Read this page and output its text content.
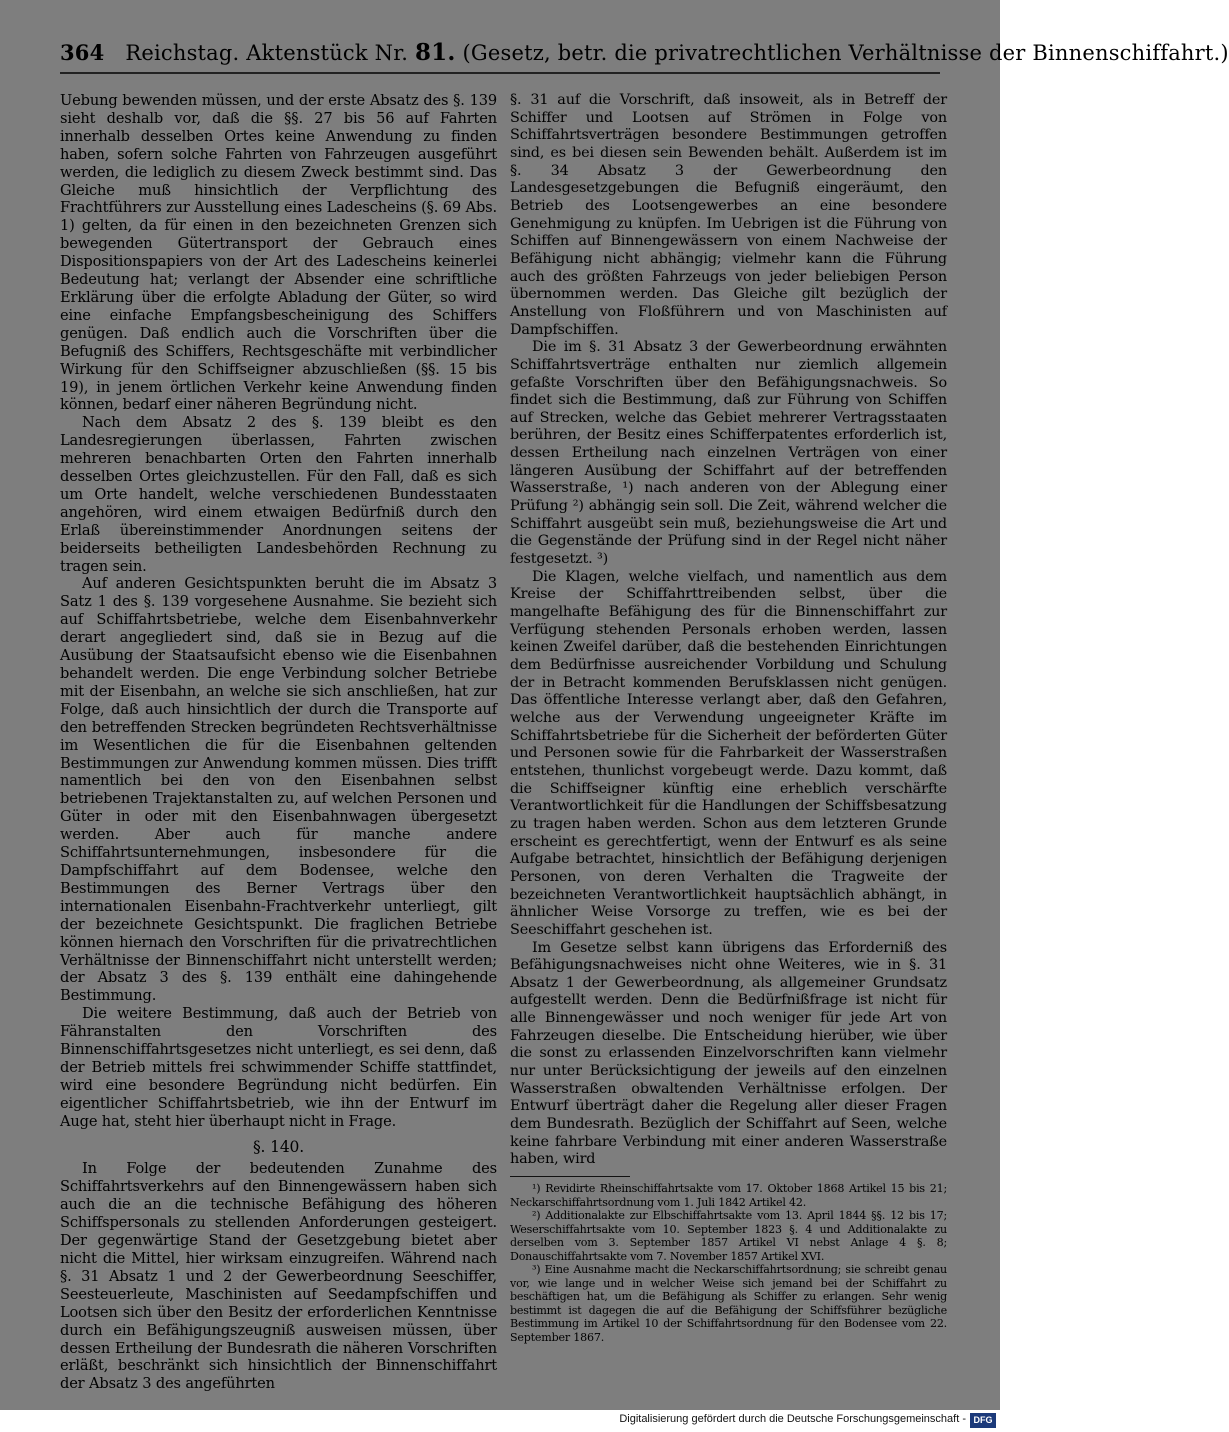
364 Reichstag. Aktenstück Nr. 81. (Gesetz, betr. die privatrechtlichen Verhältnisse der Binnenschiffahrt.)

Uebung bewenden müssen, und der erste Absatz des §. 139 sieht deshalb vor, daß die §§. 27 bis 56 auf Fahrten innerhalb desselben Ortes keine Anwendung zu finden haben, sofern solche Fahrten von Fahrzeugen ausgeführt werden, die lediglich zu diesem Zweck bestimmt sind. Das Gleiche muß hinsichtlich der Verpflichtung des Frachtführers zur Ausstellung eines Ladescheins (§. 69 Abs. 1) gelten, da für einen in den bezeichneten Grenzen sich bewegenden Gütertransport der Gebrauch eines Dispositionspapiers von der Art des Ladescheins keinerlei Bedeutung hat; verlangt der Absender eine schriftliche Erklärung über die erfolgte Abladung der Güter, so wird eine einfache Empfangsbescheinigung des Schiffers genügen. Daß endlich auch die Vorschriften über die Befugniß des Schiffers, Rechtsgeschäfte mit verbindlicher Wirkung für den Schiffseigner abzuschließen (§§. 15 bis 19), in jenem örtlichen Verkehr keine Anwendung finden können, bedarf einer näheren Begründung nicht.

Nach dem Absatz 2 des §. 139 bleibt es den Landesregierungen überlassen, Fahrten zwischen mehreren benachbarten Orten den Fahrten innerhalb desselben Ortes gleichzustellen. Für den Fall, daß es sich um Orte handelt, welche verschiedenen Bundesstaaten angehören, wird einem etwaigen Bedürfniß durch den Erlaß übereinstimmender Anordnungen seitens der beiderseits betheiligten Landesbehörden Rechnung zu tragen sein.

Auf anderen Gesichtspunkten beruht die im Absatz 3 Satz 1 des §. 139 vorgesehene Ausnahme. Sie bezieht sich auf Schiffahrtsbetriebe, welche dem Eisenbahnverkehr derart angegliedert sind, daß sie in Bezug auf die Ausübung der Staatsaufsicht ebenso wie die Eisenbahnen behandelt werden. Die enge Verbindung solcher Betriebe mit der Eisenbahn, an welche sie sich anschließen, hat zur Folge, daß auch hinsichtlich der durch die Transporte auf den betreffenden Strecken begründeten Rechtsverhältnisse im Wesentlichen die für die Eisenbahnen geltenden Bestimmungen zur Anwendung kommen müssen. Dies trifft namentlich bei den von den Eisenbahnen selbst betriebenen Trajektanstalten zu, auf welchen Personen und Güter in oder mit den Eisenbahnwagen übergesetzt werden. Aber auch für manche andere Schiffahrtsunternehmungen, insbesondere für die Dampfschiffahrt auf dem Bodensee, welche den Bestimmungen des Berner Vertrags über den internationalen Eisenbahn-Frachtverkehr unterliegt, gilt der bezeichnete Gesichtspunkt. Die fraglichen Betriebe können hiernach den Vorschriften für die privatrechtlichen Verhältnisse der Binnenschiffahrt nicht unterstellt werden; der Absatz 3 des §. 139 enthält eine dahingehende Bestimmung.

Die weitere Bestimmung, daß auch der Betrieb von Fähranstalten den Vorschriften des Binnenschiffahrtsgesetzes nicht unterliegt, es sei denn, daß der Betrieb mittels frei schwimmender Schiffe stattfindet, wird eine besondere Begründung nicht bedürfen. Ein eigentlicher Schiffahrtsbetrieb, wie ihn der Entwurf im Auge hat, steht hier überhaupt nicht in Frage.

§. 140.

In Folge der bedeutenden Zunahme des Schiffahrtsverkehrs auf den Binnengewässern haben sich auch die an die technische Befähigung des höheren Schiffspersonals zu stellenden Anforderungen gesteigert. Der gegenwärtige Stand der Gesetzgebung bietet aber nicht die Mittel, hier wirksam einzugreifen. Während nach §. 31 Absatz 1 und 2 der Gewerbeordnung Seeschiffer, Seesteuerleute, Maschinisten auf Seedampfschiffen und Lootsen sich über den Besitz der erforderlichen Kenntnisse durch ein Befähigungszeugniß ausweisen müssen, über dessen Ertheilung der Bundesrath die näheren Vorschriften erläßt, beschränkt sich hinsichtlich der Binnenschiffahrt der Absatz 3 des angeführten

§. 31 auf die Vorschrift, daß insoweit, als in Betreff der Schiffer und Lootsen auf Strömen in Folge von Schiffahrtsverträgen besondere Bestimmungen getroffen sind, es bei diesen sein Bewenden behält. Außerdem ist im §. 34 Absatz 3 der Gewerbeordnung den Landesgesetzgebungen die Befugniß eingeräumt, den Betrieb des Lootsengewerbes an eine besondere Genehmigung zu knüpfen. Im Uebrigen ist die Führung von Schiffen auf Binnengewässern von einem Nachweise der Befähigung nicht abhängig; vielmehr kann die Führung auch des größten Fahrzeugs von jeder beliebigen Person übernommen werden. Das Gleiche gilt bezüglich der Anstellung von Floßführern und von Maschinisten auf Dampfschiffen.

Die im §. 31 Absatz 3 der Gewerbeordnung erwähnten Schiffahrtsverträge enthalten nur ziemlich allgemein gefaßte Vorschriften über den Befähigungsnachweis. So findet sich die Bestimmung, daß zur Führung von Schiffen auf Strecken, welche das Gebiet mehrerer Vertragsstaaten berühren, der Besitz eines Schifferpatentes erforderlich ist, dessen Ertheilung nach einzelnen Verträgen von einer längeren Ausübung der Schiffahrt auf der betreffenden Wasserstraße, ¹) nach anderen von der Ablegung einer Prüfung ²) abhängig sein soll. Die Zeit, während welcher die Schiffahrt ausgeübt sein muß, beziehungsweise die Art und die Gegenstände der Prüfung sind in der Regel nicht näher festgesetzt. ³)

Die Klagen, welche vielfach, und namentlich aus dem Kreise der Schiffahrttreibenden selbst, über die mangelhafte Befähigung des für die Binnenschiffahrt zur Verfügung stehenden Personals erhoben werden, lassen keinen Zweifel darüber, daß die bestehenden Einrichtungen dem Bedürfnisse ausreichender Vorbildung und Schulung der in Betracht kommenden Berufsklassen nicht genügen. Das öffentliche Interesse verlangt aber, daß den Gefahren, welche aus der Verwendung ungeeigneter Kräfte im Schiffahrtsbetriebe für die Sicherheit der beförderten Güter und Personen sowie für die Fahrbarkeit der Wasserstraßen entstehen, thunlichst vorgebeugt werde. Dazu kommt, daß die Schiffseigner künftig eine erheblich verschärfte Verantwortlichkeit für die Handlungen der Schiffsbesatzung zu tragen haben werden. Schon aus dem letzteren Grunde erscheint es gerechtfertigt, wenn der Entwurf es als seine Aufgabe betrachtet, hinsichtlich der Befähigung derjenigen Personen, von deren Verhalten die Tragweite der bezeichneten Verantwortlichkeit hauptsächlich abhängt, in ähnlicher Weise Vorsorge zu treffen, wie es bei der Seeschiffahrt geschehen ist.

Im Gesetze selbst kann übrigens das Erforderniß des Befähigungsnachweises nicht ohne Weiteres, wie in §. 31 Absatz 1 der Gewerbeordnung, als allgemeiner Grundsatz aufgestellt werden. Denn die Bedürfnißfrage ist nicht für alle Binnengewässer und noch weniger für jede Art von Fahrzeugen dieselbe. Die Entscheidung hierüber, wie über die sonst zu erlassenden Einzelvorschriften kann vielmehr nur unter Berücksichtigung der jeweils auf den einzelnen Wasserstraßen obwaltenden Verhältnisse erfolgen. Der Entwurf überträgt daher die Regelung aller dieser Fragen dem Bundesrath. Bezüglich der Schiffahrt auf Seen, welche keine fahrbare Verbindung mit einer anderen Wasserstraße haben, wird

¹) Revidirte Rheinschiffahrtsakte vom 17. Oktober 1868 Artikel 15 bis 21; Neckarschiffahrtsordnung vom 1. Juli 1842 Artikel 42.

²) Additionalakte zur Elbschiffahrtsakte vom 13. April 1844 §§. 12 bis 17; Weserschiffahrtsakte vom 10. September 1823 §. 4 und Additionalakte zu derselben vom 3. September 1857 Artikel VI nebst Anlage 4 §. 8; Donauschiffahrtsakte vom 7. November 1857 Artikel XVI.

³) Eine Ausnahme macht die Neckarschiffahrtsordnung; sie schreibt genau vor, wie lange und in welcher Weise sich jemand bei der Schiffahrt zu beschäftigen hat, um die Befähigung als Schiffer zu erlangen. Sehr wenig bestimmt ist dagegen die auf die Befähigung der Schiffsführer bezügliche Bestimmung im Artikel 10 der Schiffahrtsordnung für den Bodensee vom 22. September 1867.

Digitalisierung gefördert durch die Deutsche Forschungsgemeinschaft - DFG
